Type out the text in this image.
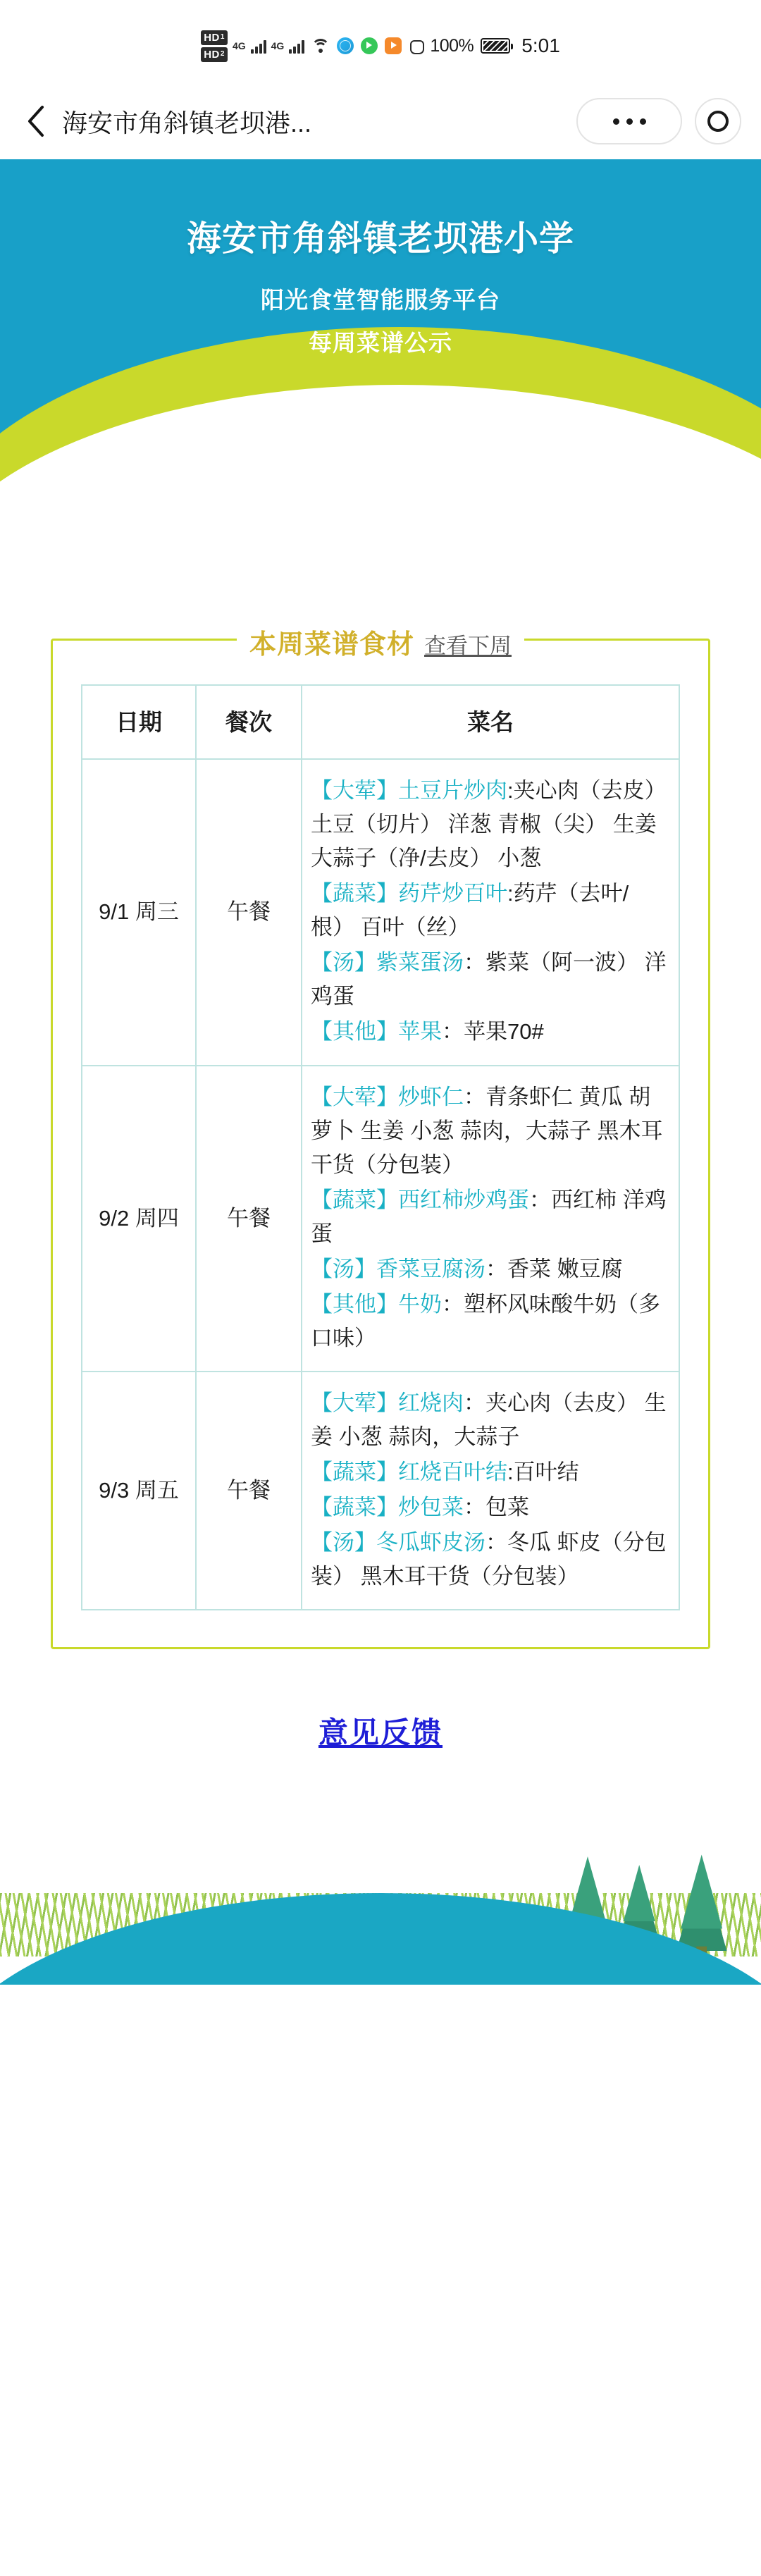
HD 1
HD 2
4G	4G	100% 5:01
海安市角斜镇老坝港...
海安市角斜镇老坝港小学
阳光食堂智能服务平台
每周菜谱公示
本周菜谱食材 查看下周
日期	餐次	菜名
9/1 周三	午餐	【大荤】土豆片炒肉:夹心肉（去皮） 土豆（切片） 洋葱 青椒（尖） 生姜 大蒜子（净/去皮） 小葱
【蔬菜】药芹炒百叶:药芹（去叶/根） 百叶（丝）
【汤】紫菜蛋汤：紫菜（阿一波） 洋鸡蛋
【其他】苹果：苹果70#

9/2 周四	午餐	【大荤】炒虾仁：青条虾仁 黄瓜 胡萝卜 生姜 小葱 蒜肉，大蒜子 黑木耳干货（分包装）
【蔬菜】西红柿炒鸡蛋：西红柿 洋鸡蛋
【汤】香菜豆腐汤：香菜 嫩豆腐
【其他】牛奶：塑杯风味酸牛奶（多口味）

9/3 周五	午餐	【大荤】红烧肉：夹心肉（去皮） 生姜 小葱 蒜肉，大蒜子
【蔬菜】红烧百叶结:百叶结
【蔬菜】炒包菜：包菜
【汤】冬瓜虾皮汤：冬瓜 虾皮（分包装） 黑木耳干货（分包装）
意见反馈
